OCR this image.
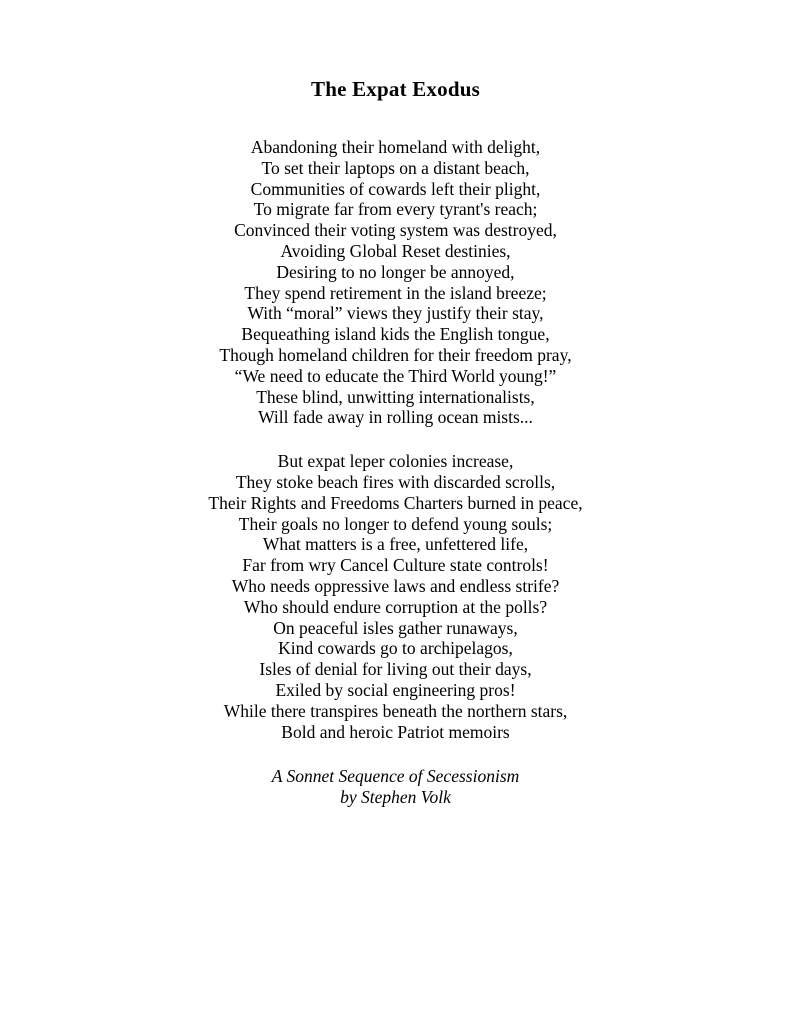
The Expat Exodus
Abandoning their homeland with delight,
To set their laptops on a distant beach,
Communities of cowards left their plight,
To migrate far from every tyrant's reach;
Convinced their voting system was destroyed,
Avoiding Global Reset destinies,
Desiring to no longer be annoyed,
They spend retirement in the island breeze;
With “moral” views they justify their stay,
Bequeathing island kids the English tongue,
Though homeland children for their freedom pray,
“We need to educate the Third World young!”
These blind, unwitting internationalists,
Will fade away in rolling ocean mists...
But expat leper colonies increase,
They stoke beach fires with discarded scrolls,
Their Rights and Freedoms Charters burned in peace,
Their goals no longer to defend young souls;
What matters is a free, unfettered life,
Far from wry Cancel Culture state controls!
Who needs oppressive laws and endless strife?
Who should endure corruption at the polls?
On peaceful isles gather runaways,
Kind cowards go to archipelagos,
Isles of denial for living out their days,
Exiled by social engineering pros!
While there transpires beneath the northern stars,
Bold and heroic Patriot memoirs
A Sonnet Sequence of Secessionism
by Stephen Volk
